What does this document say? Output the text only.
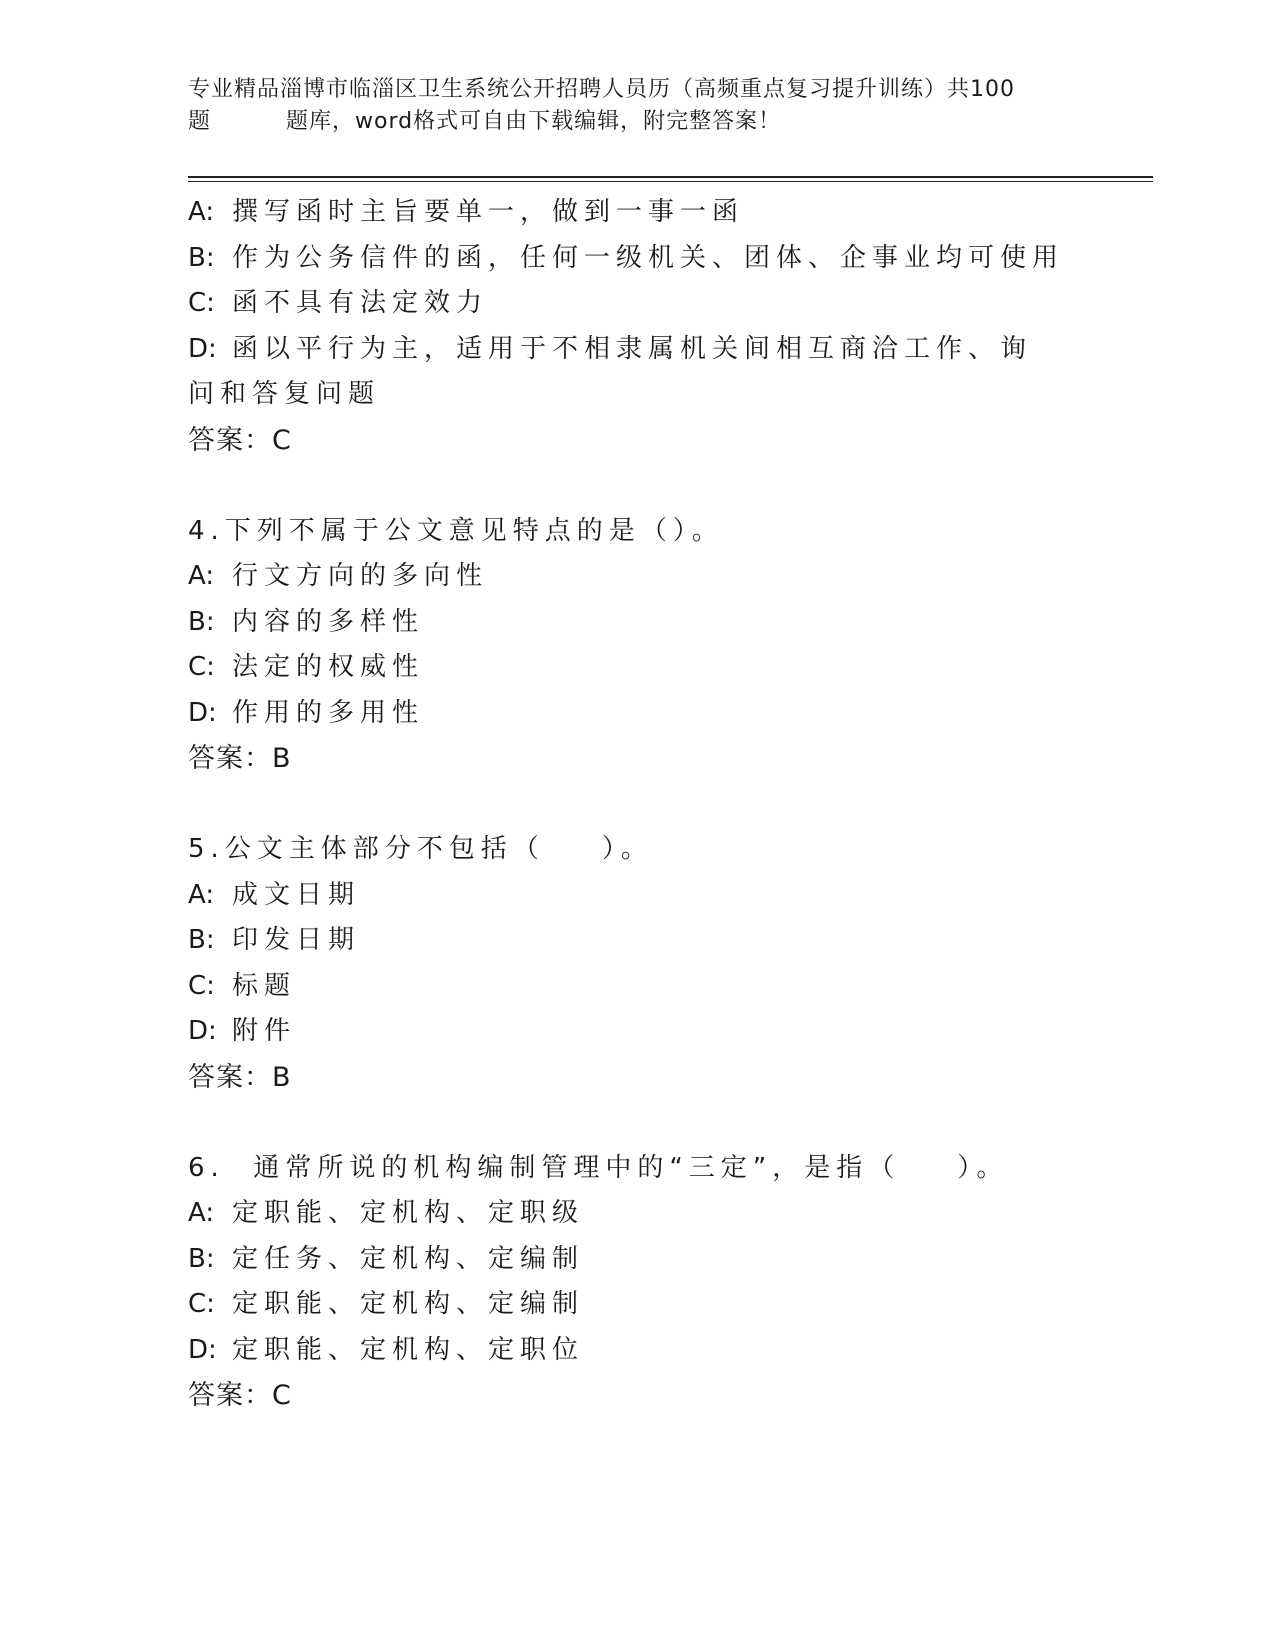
专业精品淄博市临淄区卫生系统公开招聘人员历（高频重点复习提升训练）共100
题	题库，word格式可自由下载编辑，附完整答案！
A: 撰写函时主旨要单一，做到一事一函
B: 作为公务信件的函，任何一级机关、团体、企事业均可使用
C: 函不具有法定效力
D: 函以平行为主，适用于不相隶属机关间相互商洽工作、询问和答复问题
答案：C
4.下列不属于公文意见特点的是（）。
A: 行文方向的多向性
B: 内容的多样性
C: 法定的权威性
D: 作用的多用性
答案：B
5.公文主体部分不包括（    ）。
A: 成文日期
B: 印发日期
C: 标题
D: 附件
答案：B
6.  通常所说的机构编制管理中的“三定”，是指（    ）。
A: 定职能、定机构、定职级
B: 定任务、定机构、定编制
C: 定职能、定机构、定编制
D: 定职能、定机构、定职位
答案：C
